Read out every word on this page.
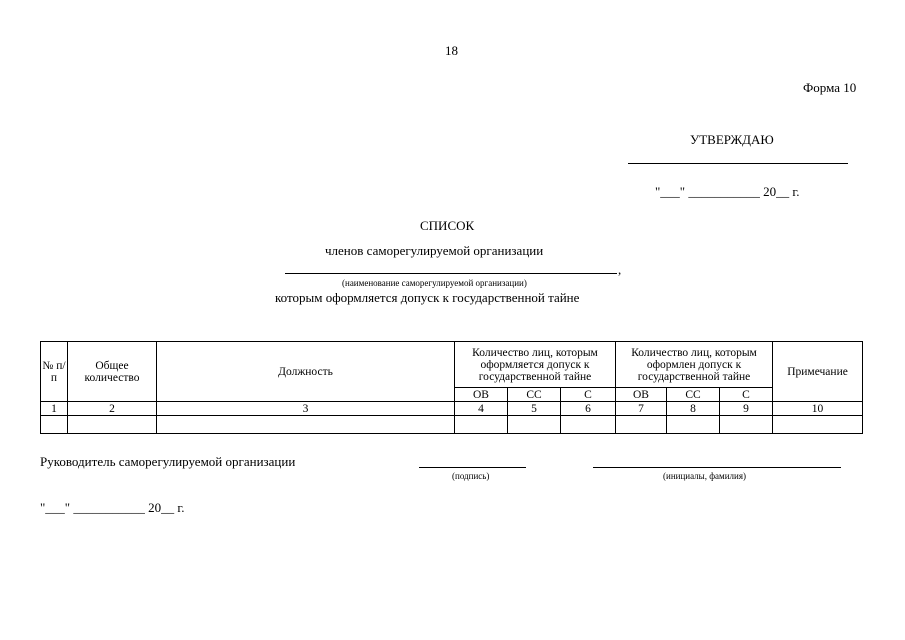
18
Форма 10
УТВЕРЖДАЮ
"___" ___________ 20__ г.
СПИСОК
членов саморегулируемой организации
,
(наименование саморегулируемой организации)
которым оформляется допуск к государственной тайне
№ п/п	Общее количество	Должность	Количество лиц, которым оформляется допуск к государственной тайне			Количество лиц, которым оформлен допуск к государственной тайне			Примечание
			ОВ	СС	С	ОВ	СС	С	
1	2	3	4	5	6	7	8	9	10

Руководитель саморегулируемой организации
(подпись)	(инициалы, фамилия)
"___" ___________ 20__ г.
